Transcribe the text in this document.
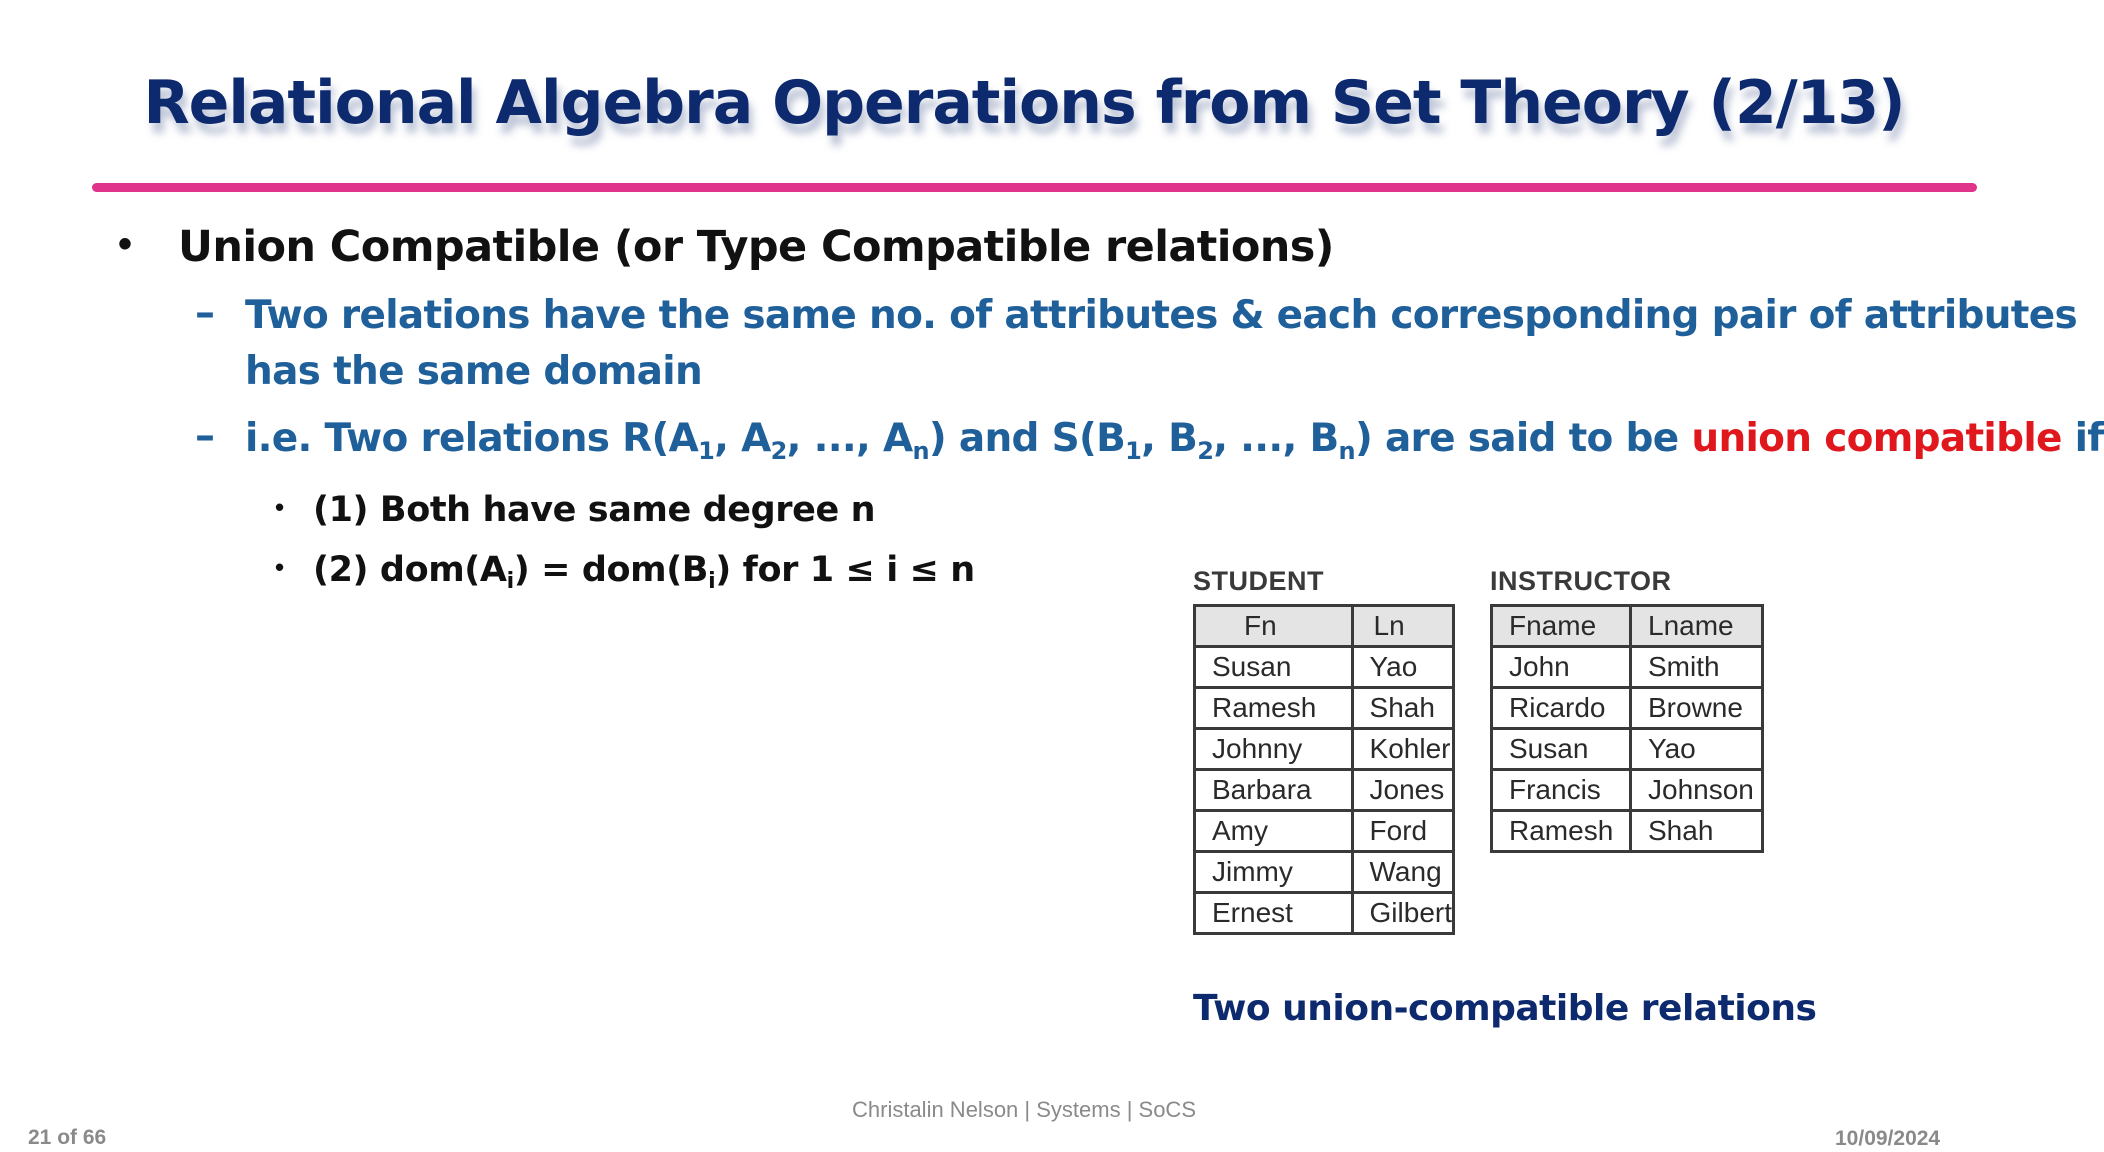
Relational Algebra Operations from Set Theory (2/13)
• Union Compatible (or Type Compatible relations)
– Two relations have the same no. of attributes & each corresponding pair of attributes
has the same domain
– i.e. Two relations $R(A_1$, $A_2$, ..., $A_n$) and $S(B_1$, $B_2$, ..., $B_n$) are said to be union compatible if
• (1) Both have same degree n
• (2) $dom(A_i) = dom(B_i)$ for 1 ≤ i ≤ n	STUDENT
Fn	Ln
Susan	Yao
Ramesh	Shah
Johnny	Kohler
Barbara	Jones
Amy	Ford
Jimmy	Wang
Ernest	Gilbert
INSTRUCTOR
Fname	Lname
John	Smith
Ricardo	Browne
Susan	Yao
Francis	Johnson
Ramesh	Shah
Two union-compatible relations
Christalin Nelson | Systems | SoCS
21 of 66	10/09/2024
